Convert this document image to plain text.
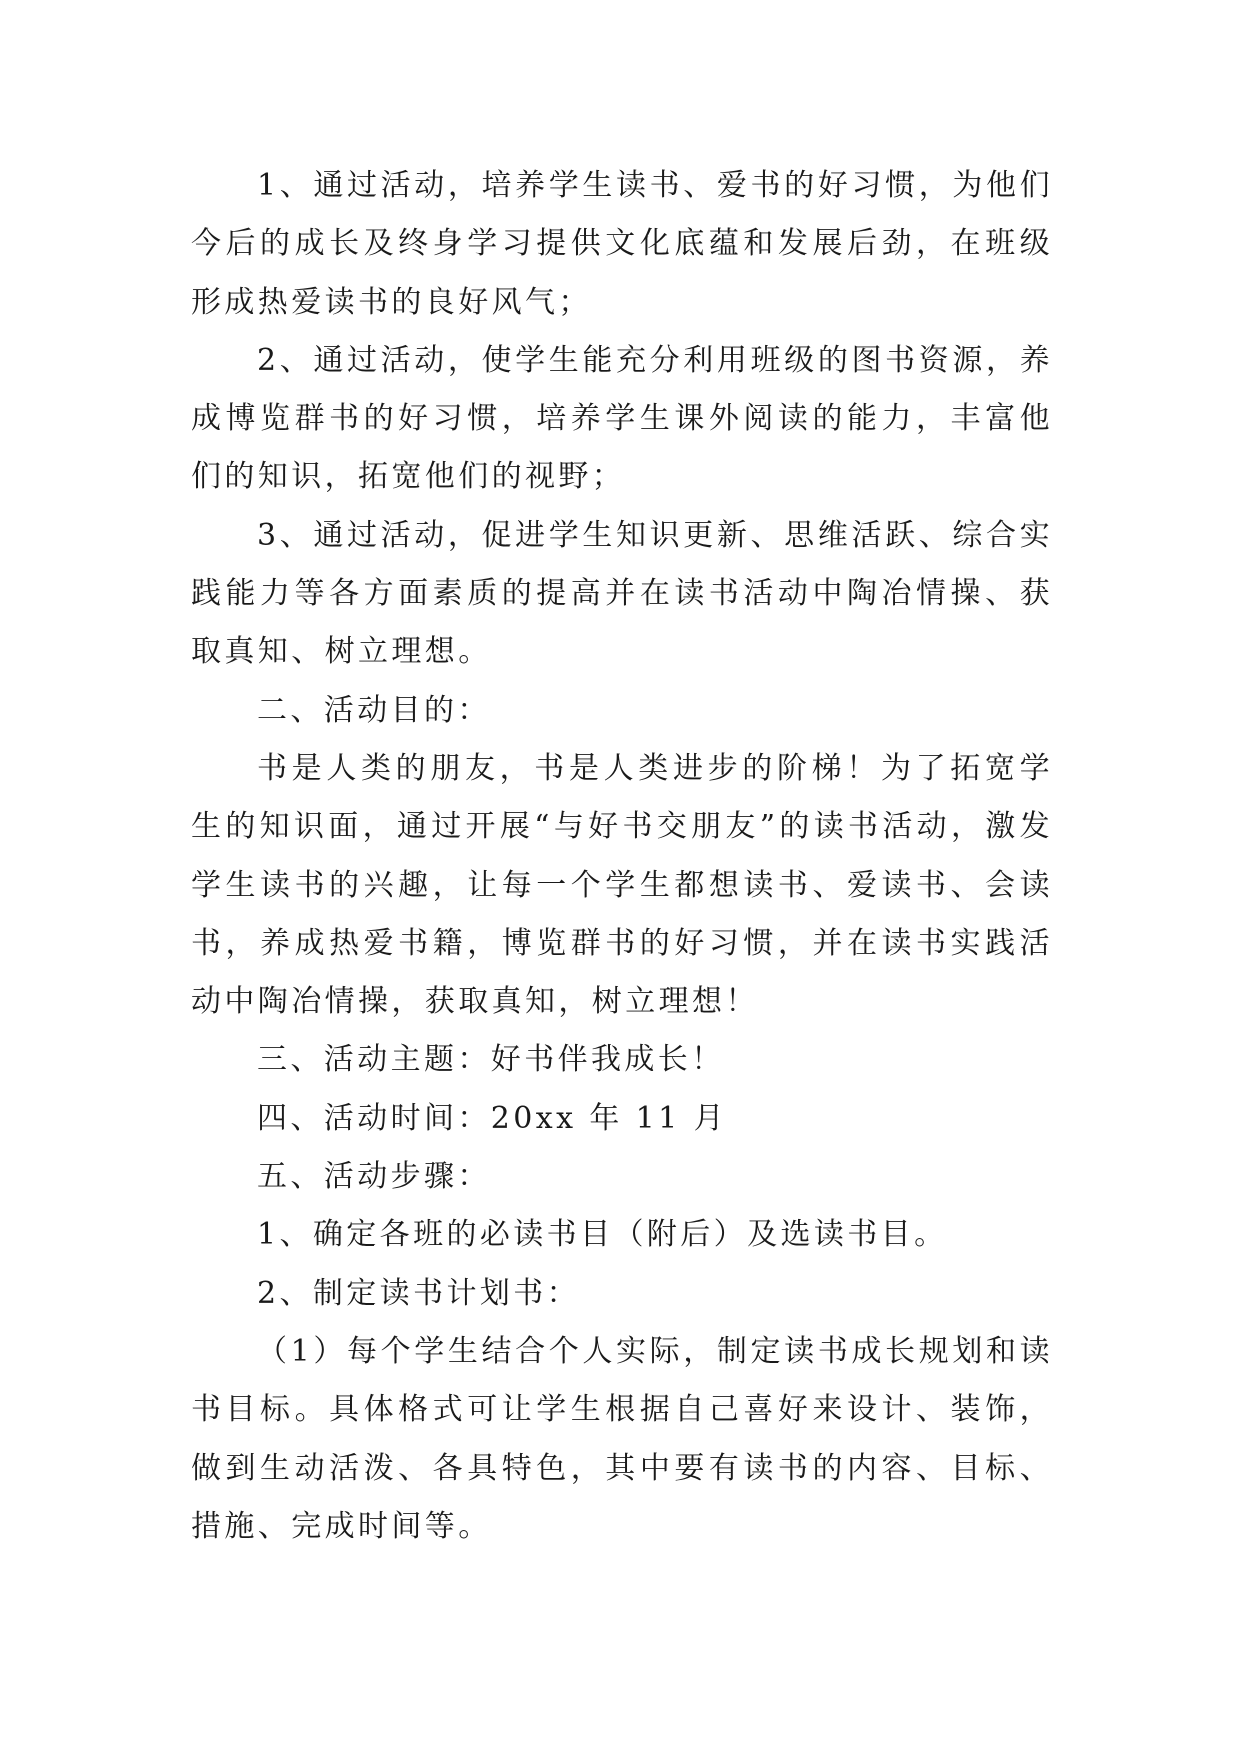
1、通过活动，培养学生读书、爱书的好习惯，为他们今后的成长及终身学习提供文化底蕴和发展后劲，在班级形成热爱读书的良好风气；

2、通过活动，使学生能充分利用班级的图书资源，养成博览群书的好习惯，培养学生课外阅读的能力，丰富他们的知识，拓宽他们的视野；

3、通过活动，促进学生知识更新、思维活跃、综合实践能力等各方面素质的提高并在读书活动中陶冶情操、获取真知、树立理想。

二、活动目的：

书是人类的朋友，书是人类进步的阶梯！为了拓宽学生的知识面，通过开展“与好书交朋友”的读书活动，激发学生读书的兴趣，让每一个学生都想读书、爱读书、会读书，养成热爱书籍，博览群书的好习惯，并在读书实践活动中陶冶情操，获取真知，树立理想！

三、活动主题：好书伴我成长！

四、活动时间：20xx 年 11 月

五、活动步骤：

1、确定各班的必读书目（附后）及选读书目。

2、制定读书计划书：

（1）每个学生结合个人实际，制定读书成长规划和读书目标。具体格式可让学生根据自己喜好来设计、装饰，做到生动活泼、各具特色，其中要有读书的内容、目标、措施、完成时间等。
